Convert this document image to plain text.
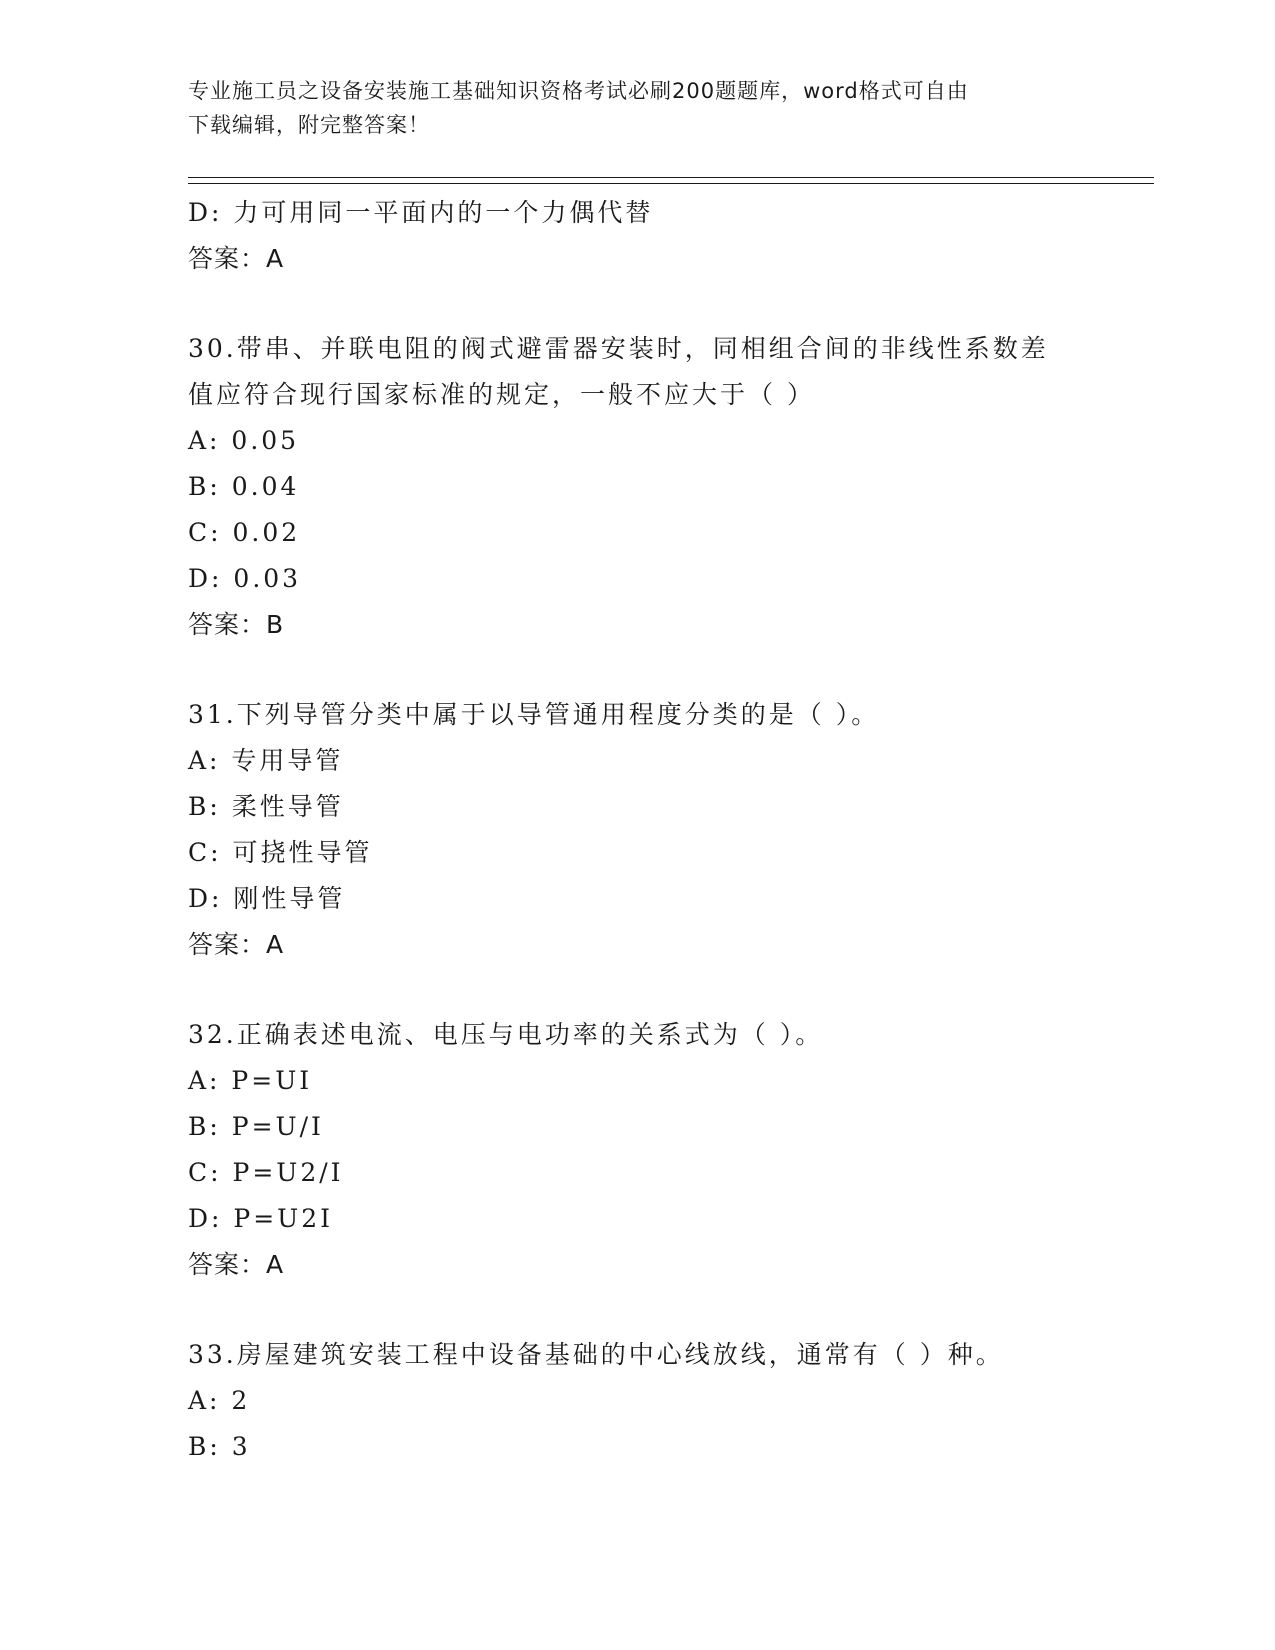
专业施工员之设备安装施工基础知识资格考试必刷200题题库，word格式可自由
下载编辑，附完整答案！
D: 力可用同一平面内的一个力偶代替
答案：A
30.带串、并联电阻的阀式避雷器安装时，同相组合间的非线性系数差
值应符合现行国家标准的规定，一般不应大于（ ）
A: 0.05
B: 0.04
C: 0.02
D: 0.03
答案：B
31.下列导管分类中属于以导管通用程度分类的是（ ）。
A: 专用导管
B: 柔性导管
C: 可挠性导管
D: 刚性导管
答案：A
32.正确表述电流、电压与电功率的关系式为（ ）。
A: P=UI
B: P=U/I
C: P=U2/I
D: P=U2I
答案：A
33.房屋建筑安装工程中设备基础的中心线放线，通常有（ ）种。
A: 2
B: 3
